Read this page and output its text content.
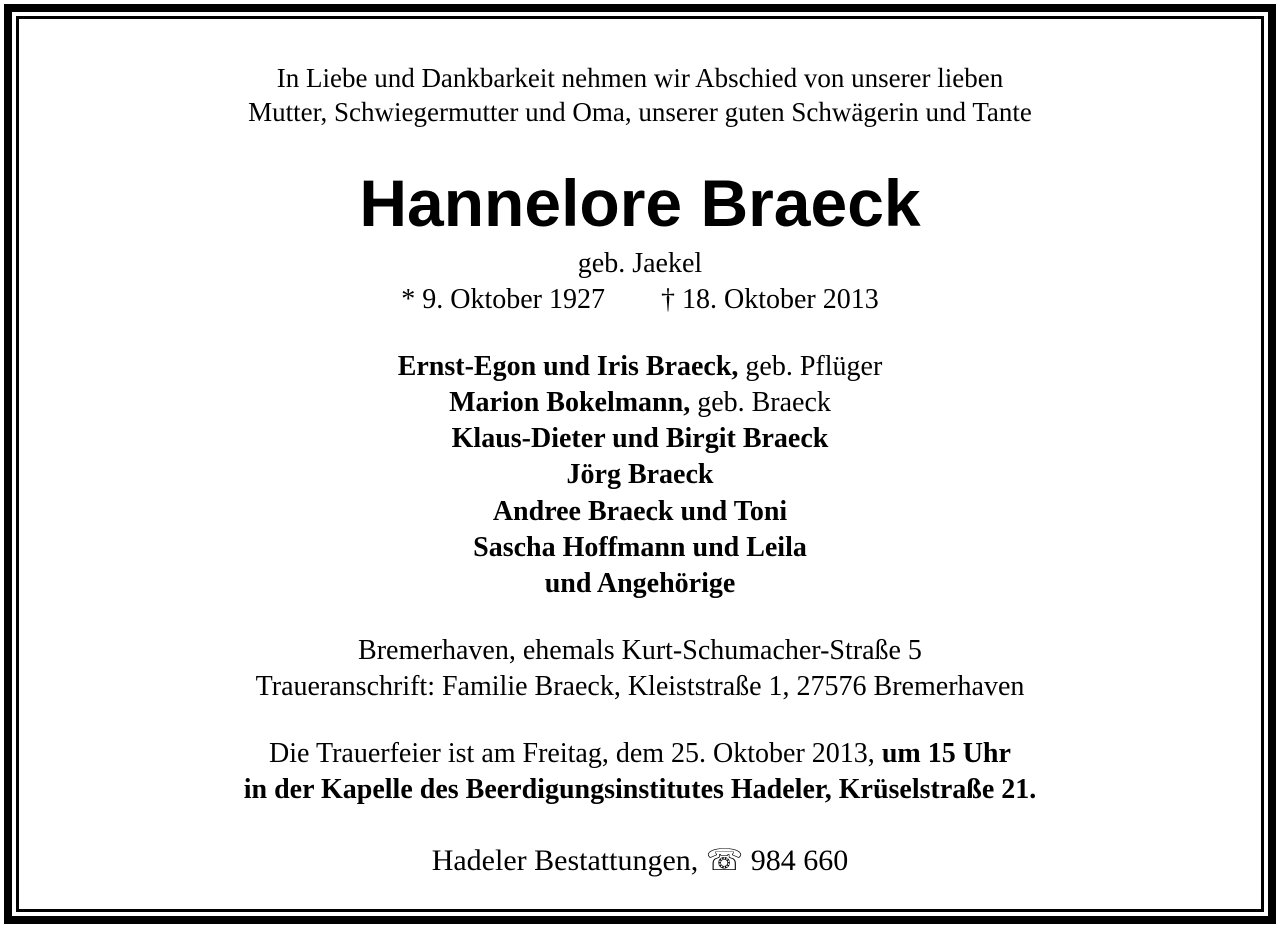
In Liebe und Dankbarkeit nehmen wir Abschied von unserer lieben
Mutter, Schwiegermutter und Oma, unserer guten Schwägerin und Tante
Hannelore Braeck
geb. Jaekel
* 9. Oktober 1927 † 18. Oktober 2013
Ernst-Egon und Iris Braeck, geb. Pflüger
Marion Bokelmann, geb. Braeck
Klaus-Dieter und Birgit Braeck
Jörg Braeck
Andree Braeck und Toni
Sascha Hoffmann und Leila
und Angehörige
Bremerhaven, ehemals Kurt-Schumacher-Straße 5
Traueranschrift: Familie Braeck, Kleiststraße 1, 27576 Bremerhaven
Die Trauerfeier ist am Freitag, dem 25. Oktober 2013, um 15 Uhr
in der Kapelle des Beerdigungsinstitutes Hadeler, Krüselstraße 21.
Hadeler Bestattungen, ☏ 984 660
